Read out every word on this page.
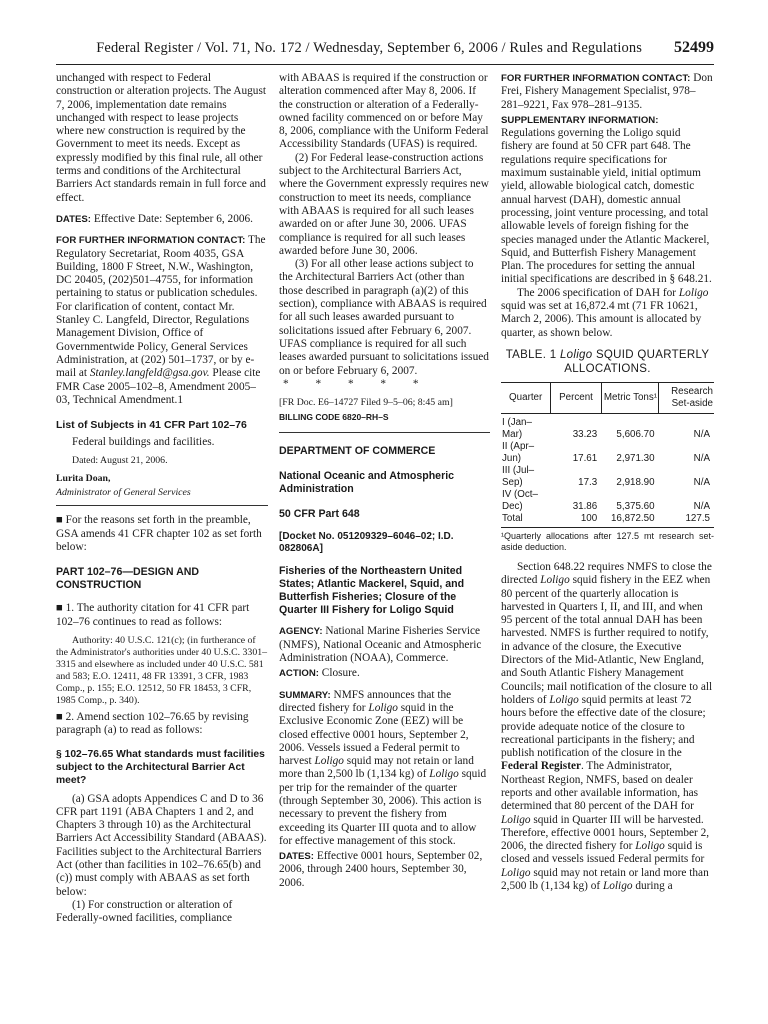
Federal Register / Vol. 71, No. 172 / Wednesday, September 6, 2006 / Rules and Regulations 52499

unchanged with respect to Federal construction or alteration projects. The August 7, 2006, implementation date remains unchanged with respect to lease projects where new construction is required by the Government to meet its needs. Except as expressly modified by this final rule, all other terms and conditions of the Architectural Barriers Act standards remain in full force and effect.

DATES: Effective Date: September 6, 2006.

FOR FURTHER INFORMATION CONTACT: The Regulatory Secretariat, Room 4035, GSA Building, 1800 F Street, N.W., Washington, DC 20405, (202)501–4755, for information pertaining to status or publication schedules. For clarification of content, contact Mr. Stanley C. Langfeld, Director, Regulations Management Division, Office of Governmentwide Policy, General Services Administration, at (202) 501–1737, or by e-mail at Stanley.langfeld@gsa.gov. Please cite FMR Case 2005–102–8, Amendment 2005–03, Technical Amendment.1

List of Subjects in 41 CFR Part 102–76

Federal buildings and facilities.

Dated: August 21, 2006.

Lurita Doan,

Administrator of General Services

■ For the reasons set forth in the preamble, GSA amends 41 CFR chapter 102 as set forth below:

PART 102–76—DESIGN AND CONSTRUCTION

■ 1. The authority citation for 41 CFR part 102–76 continues to read as follows:

Authority: 40 U.S.C. 121(c); (in furtherance of the Administrator's authorities under 40 U.S.C. 3301–3315 and elsewhere as included under 40 U.S.C. 581 and 583; E.O. 12411, 48 FR 13391, 3 CFR, 1983 Comp., p. 155; E.O. 12512, 50 FR 18453, 3 CFR, 1985 Comp., p. 340).

■ 2. Amend section 102–76.65 by revising paragraph (a) to read as follows:

§ 102–76.65 What standards must facilities subject to the Architectural Barrier Act meet?

(a) GSA adopts Appendices C and D to 36 CFR part 1191 (ABA Chapters 1 and 2, and Chapters 3 through 10) as the Architectural Barriers Act Accessibility Standard (ABAAS). Facilities subject to the Architectural Barriers Act (other than facilities in 102–76.65(b) and (c)) must comply with ABAAS as set forth below:

(1) For construction or alteration of Federally-owned facilities, compliance

with ABAAS is required if the construction or alteration commenced after May 8, 2006. If the construction or alteration of a Federally-owned facility commenced on or before May 8, 2006, compliance with the Uniform Federal Accessibility Standards (UFAS) is required.

(2) For Federal lease-construction actions subject to the Architectural Barriers Act, where the Government expressly requires new construction to meet its needs, compliance with ABAAS is required for all such leases awarded on or after June 30, 2006. UFAS compliance is required for all such leases awarded before June 30, 2006.

(3) For all other lease actions subject to the Architectural Barriers Act (other than those described in paragraph (a)(2) of this section), compliance with ABAAS is required for all such leases awarded pursuant to solicitations issued after February 6, 2007. UFAS compliance is required for all such leases awarded pursuant to solicitations issued on or before February 6, 2007.

* * * * *

[FR Doc. E6–14727 Filed 9–5–06; 8:45 am]

BILLING CODE 6820–RH–S

DEPARTMENT OF COMMERCE

National Oceanic and Atmospheric Administration

50 CFR Part 648

[Docket No. 051209329–6046–02; I.D. 082806A]

Fisheries of the Northeastern United States; Atlantic Mackerel, Squid, and Butterfish Fisheries; Closure of the Quarter III Fishery for Loligo Squid

AGENCY: National Marine Fisheries Service (NMFS), National Oceanic and Atmospheric Administration (NOAA), Commerce.

ACTION: Closure.

SUMMARY: NMFS announces that the directed fishery for Loligo squid in the Exclusive Economic Zone (EEZ) will be closed effective 0001 hours, September 2, 2006. Vessels issued a Federal permit to harvest Loligo squid may not retain or land more than 2,500 lb (1,134 kg) of Loligo squid per trip for the remainder of the quarter (through September 30, 2006). This action is necessary to prevent the fishery from exceeding its Quarter III quota and to allow for effective management of this stock.

DATES: Effective 0001 hours, September 02, 2006, through 2400 hours, September 30, 2006.

FOR FURTHER INFORMATION CONTACT: Don Frei, Fishery Management Specialist, 978–281–9221, Fax 978–281–9135.

SUPPLEMENTARY INFORMATION:

Regulations governing the Loligo squid fishery are found at 50 CFR part 648. The regulations require specifications for maximum sustainable yield, initial optimum yield, allowable biological catch, domestic annual harvest (DAH), domestic annual processing, joint venture processing, and total allowable levels of foreign fishing for the species managed under the Atlantic Mackerel, Squid, and Butterfish Fishery Management Plan. The procedures for setting the annual initial specifications are described in § 648.21.

The 2006 specification of DAH for Loligo squid was set at 16,872.4 mt (71 FR 10621, March 2, 2006). This amount is allocated by quarter, as shown below.

TABLE. 1 Loligo SQUID QUARTERLY ALLOCATIONS.
Quarter	Percent	Metric Tons¹	Research Set-aside
I (Jan–Mar)	33.23	5,606.70	N/A
II (Apr–Jun)	17.61	2,971.30	N/A
III (Jul–Sep)	17.3	2,918.90	N/A
IV (Oct–Dec)	31.86	5,375.60	N/A
Total	100	16,872.50	127.5

¹Quarterly allocations after 127.5 mt research set-aside deduction.

Section 648.22 requires NMFS to close the directed Loligo squid fishery in the EEZ when 80 percent of the quarterly allocation is harvested in Quarters I, II, and III, and when 95 percent of the total annual DAH has been harvested. NMFS is further required to notify, in advance of the closure, the Executive Directors of the Mid-Atlantic, New England, and South Atlantic Fishery Management Councils; mail notification of the closure to all holders of Loligo squid permits at least 72 hours before the effective date of the closure; provide adequate notice of the closure to recreational participants in the fishery; and publish notification of the closure in the Federal Register. The Administrator, Northeast Region, NMFS, based on dealer reports and other available information, has determined that 80 percent of the DAH for Loligo squid in Quarter III will be harvested. Therefore, effective 0001 hours, September 2, 2006, the directed fishery for Loligo squid is closed and vessels issued Federal permits for Loligo squid may not retain or land more than 2,500 lb (1,134 kg) of Loligo during a
